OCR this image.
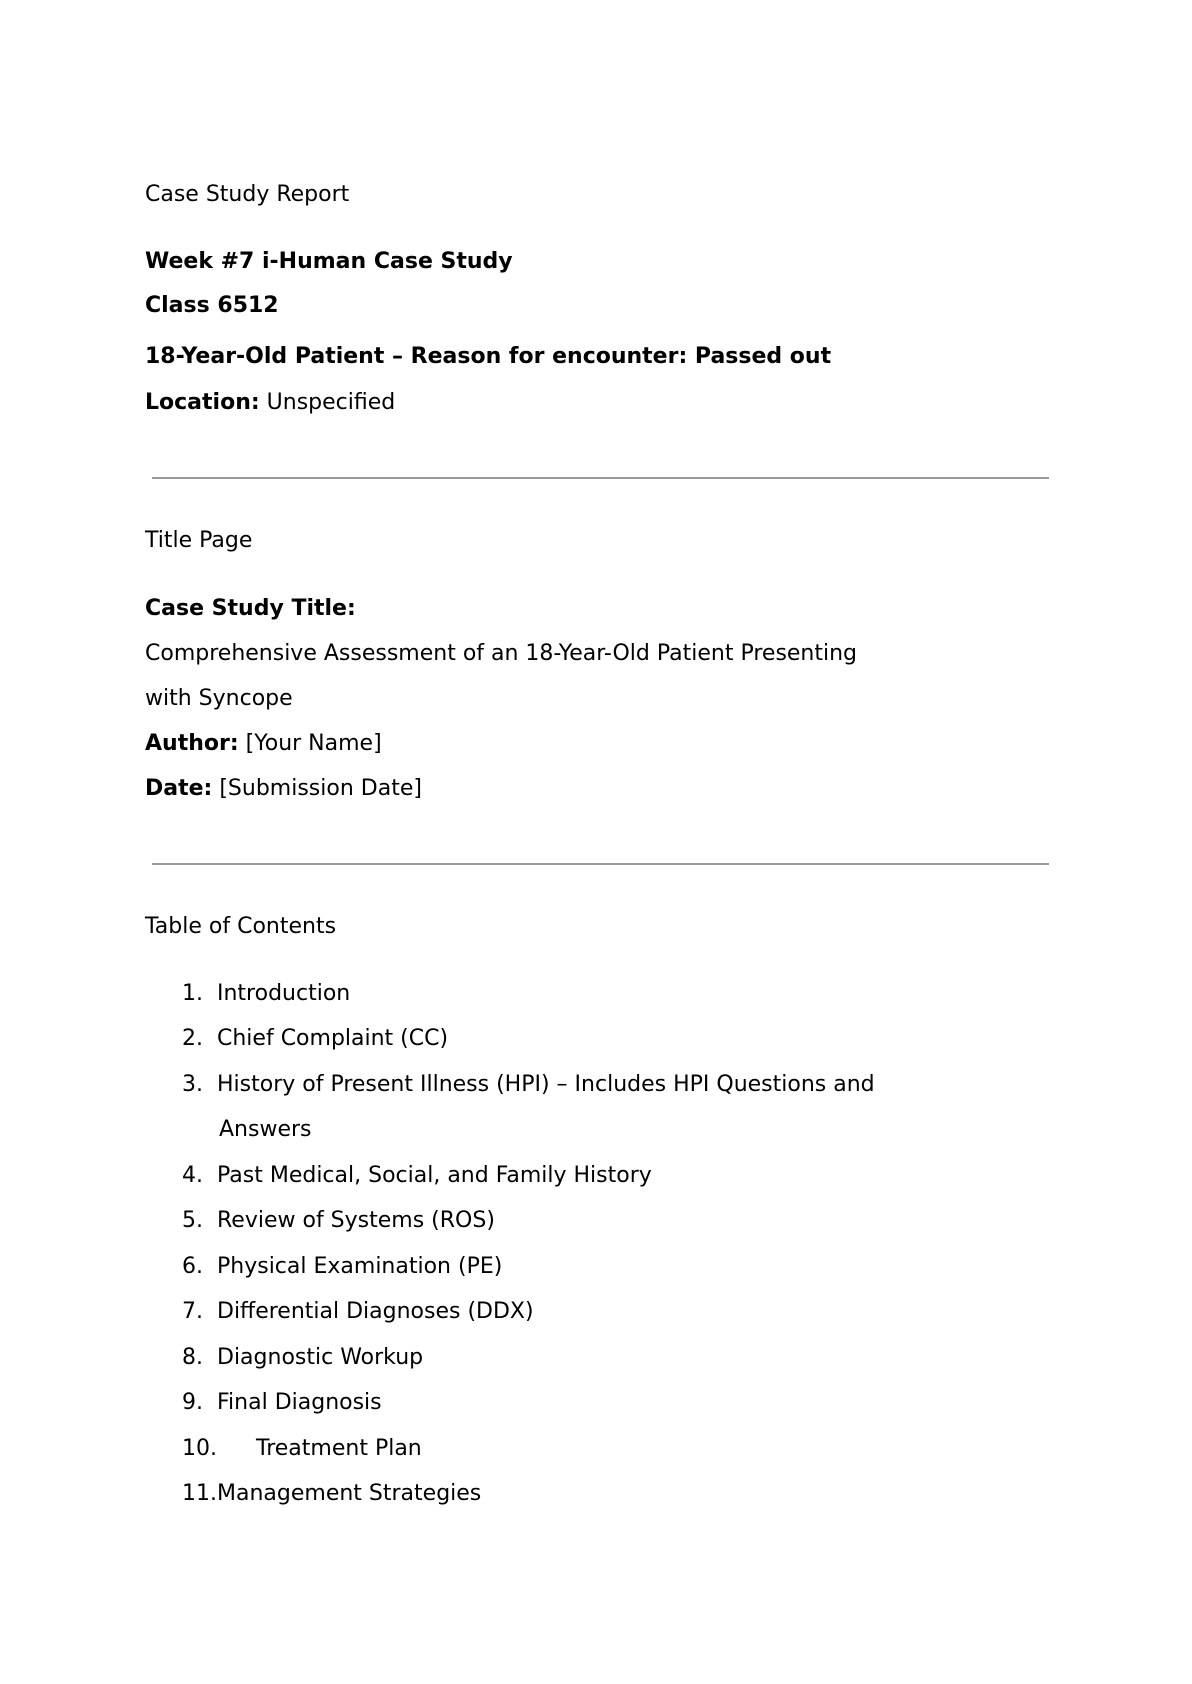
Case Study Report
Week #7 i-Human Case Study
Class 6512
18-Year-Old Patient – Reason for encounter: Passed out
Location: Unspecified
Title Page
Case Study Title:
Comprehensive Assessment of an 18-Year-Old Patient Presenting
with Syncope
Author: [Your Name]
Date: [Submission Date]
Table of Contents
1. Introduction
2. Chief Complaint (CC)
3. History of Present Illness (HPI) – Includes HPI Questions and
Answers
4. Past Medical, Social, and Family History
5. Review of Systems (ROS)
6. Physical Examination (PE)
7. Differential Diagnoses (DDX)
8. Diagnostic Workup
9. Final Diagnosis
10. Treatment Plan
11. Management Strategies
